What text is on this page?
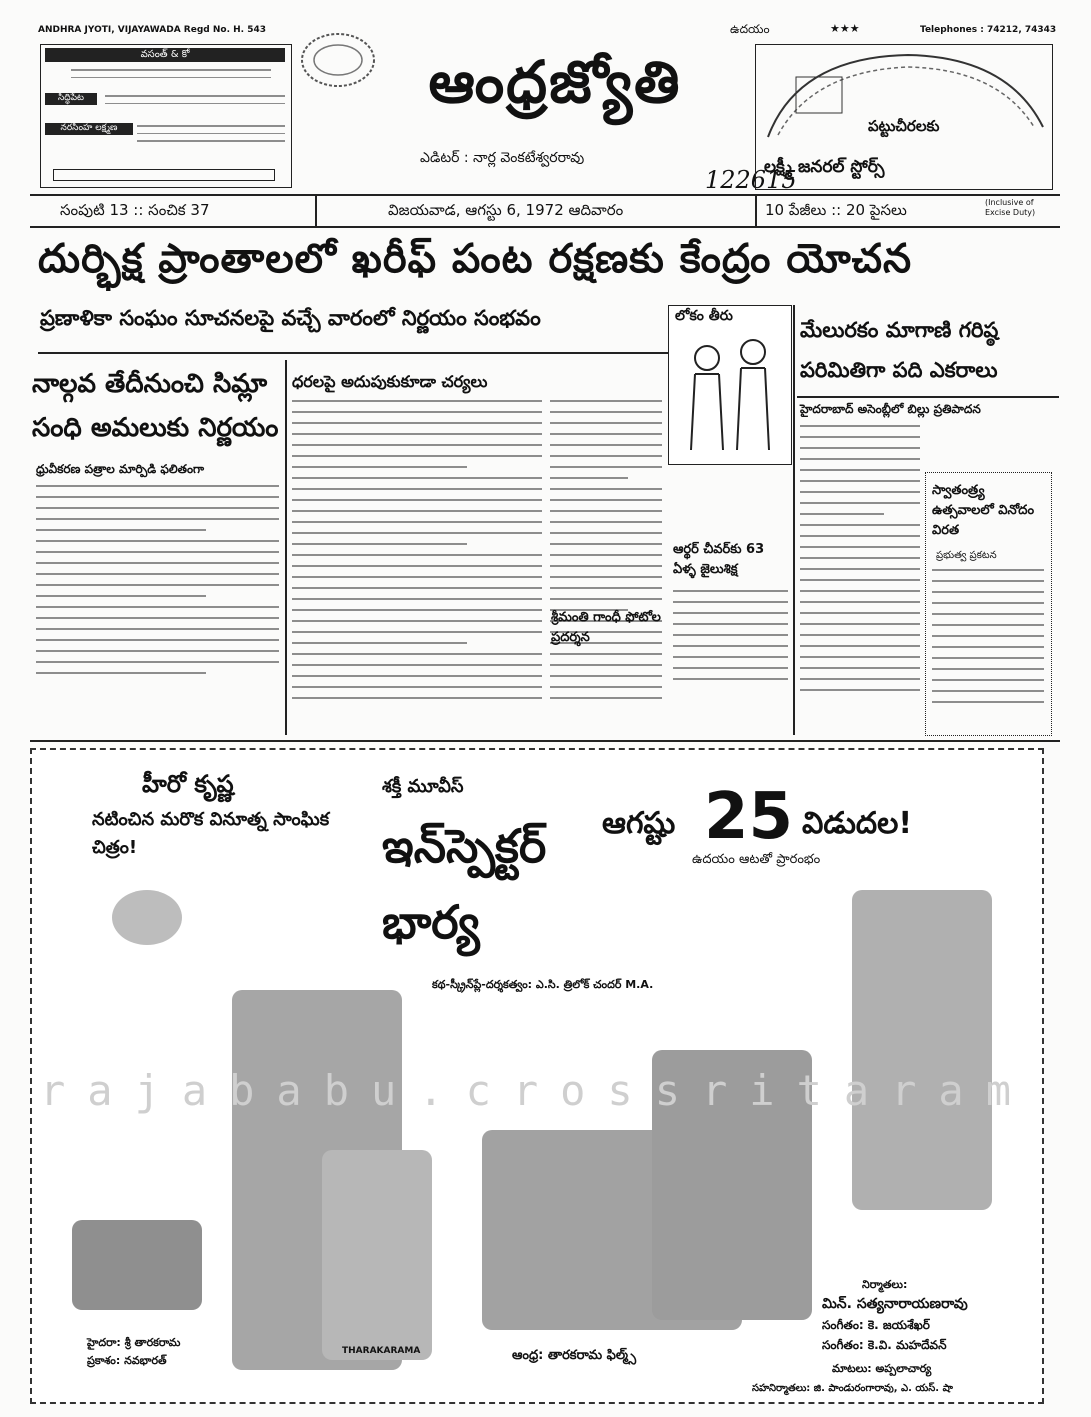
ANDHRA JYOTI, VIJAYAWADA Regd No. H. 543	ఉదయం	★★★	Telephones : 74212, 74343
వసంత్ & కో
సిద్ధిపేట
నరసింహ లక్ష్మణ
ఆంధ్రజ్యోతి
ఎడిటర్ : నార్ల వెంకటేశ్వరరావు
122615
పట్టుచీరలకు
లక్ష్మీ జనరల్ స్టోర్స్
సంపుటి 13 :: సంచిక 37	విజయవాడ, ఆగస్టు 6, 1972 ఆదివారం	10 పేజీలు :: 20 పైసలు	(Inclusive of Excise Duty)
దుర్భిక్ష ప్రాంతాలలో ఖరీఫ్ పంట రక్షణకు కేంద్రం యోచన
ప్రణాళికా సంఘం సూచనలపై వచ్చే వారంలో నిర్ణయం సంభవం
నాల్గవ తేదీనుంచి సిమ్లా సంధి అమలుకు నిర్ణయం
ధ్రువీకరణ పత్రాల మార్పిడి ఫలితంగా
ధరలపై అదుపుకుకూడా చర్యలు
లోకం తీరు
మేలురకం మాగాణి గరిష్ఠ పరిమితిగా పది ఎకరాలు
హైదరాబాద్ అసెంబ్లీలో బిల్లు ప్రతిపాదన
ఆర్థర్ చీవర్‌కు 63 ఏళ్ళ జైలుశిక్ష
శ్రీమంతి గాంధీ ఫోటోల ప్రదర్శన
స్వాతంత్ర్య ఉత్సవాలలో వినోదం విరత
ప్రభుత్వ ప్రకటన
హీరో కృష్ణ
నటించిన మరొక వినూత్న సాంఘిక చిత్రం!
శక్తీ మూవీస్
ఇన్‌స్పెక్టర్ భార్య
ఆగష్టు 25 విడుదల!
ఉదయం ఆటతో ప్రారంభం
కథ-స్క్రీన్‌ప్లే-దర్శకత్వం: ఎ.సి. త్రిలోక్ చందర్ M.A.
నిర్మాతలు:
మిన్. సత్యనారాయణరావు
సంగీతం: కె. జయశేఖర్
సంగీతం: కె.వి. మహదేవన్
హైదరా: శ్రీ తారకరామ
ప్రకాశం: నవభారత్
THARAKARAMA	ఆంధ్ర: తారకరామ ఫిల్మ్స్
మాటలు: అప్పలాచార్య
సహనిర్మాతలు: జి. పాండురంగారావు, ఎ. యస్. షా
rajababu.crossritaram
